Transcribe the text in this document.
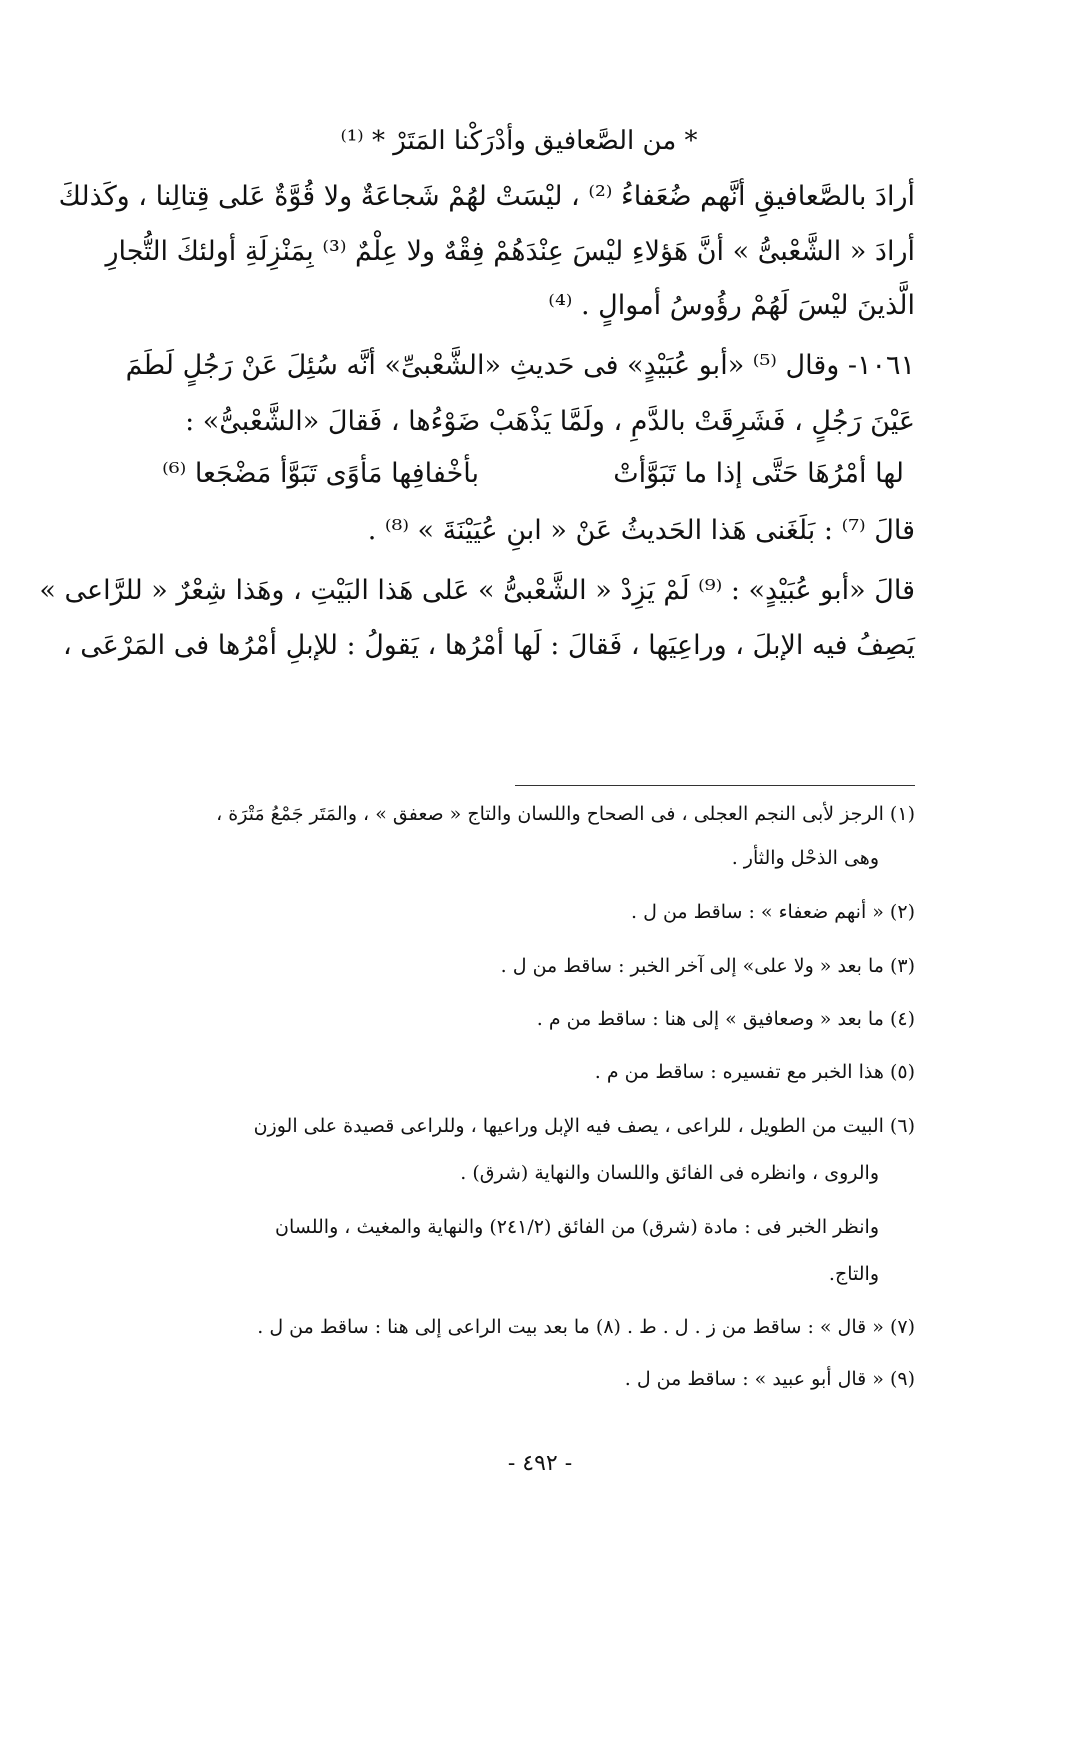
* من الصَّعافيق وأدْرَكْنا المَتَرْ * ⁽¹⁾
أرادَ بالصَّعافيقِ أنَّهم ضُعَفاءُ ⁽²⁾ ، ليْسَتْ لهُمْ شَجاعَةٌ ولا قُوَّةٌ عَلى قِتالِنا ، وكَذلكَ
أرادَ « الشَّعْبىُّ » أنَّ هَؤلاءِ ليْسَ عِنْدَهُمْ فِقْهٌ ولا عِلْمٌ ⁽³⁾ بِمَنْزِلَةِ أولئكَ التُّجارِ
الَّذينَ ليْسَ لَهُمْ رؤُوسُ أموالٍ . ⁽⁴⁾
١٠٦١- وقال ⁽⁵⁾ «أبو عُبَيْدٍ» فى حَديثِ «الشَّعْبىِّ» أنَّه سُئِلَ عَنْ رَجُلٍ لَطَمَ
عَيْنَ رَجُلٍ ، فَشَرِقَتْ بالدَّمِ ، ولَمَّا يَذْهَبْ ضَوْءُها ، فَقالَ «الشَّعْبىُّ» :
لها أمْرُهَا حَتَّى إذا ما تَبَوَّأتْ
بأخْفافِها مَأوًى تَبَوَّأ مَضْجَعا ⁽⁶⁾
قالَ ⁽⁷⁾ : بَلَغَنى هَذا الحَديثُ عَنْ « ابنِ عُيَيْنَةَ » ⁽⁸⁾ .
قالَ «أبو عُبَيْدٍ» : ⁽⁹⁾ لَمْ يَزِدْ « الشَّعْبىُّ » عَلى هَذا البَيْتِ ، وهَذا شِعْرٌ « للرَّاعى »
يَصِفُ فيه الإبلَ ، وراعِيَها ، فَقالَ : لَها أمْرُها ، يَقولُ : للإبلِ أمْرُها فى المَرْعَى ،
(١) الرجز لأبى النجم العجلى ، فى الصحاح واللسان والتاج « صعفق » ، والمَتَر جَمْعُ مَتْرَة ،
وهى الذحْل والثأر .
(٢) « أنهم ضعفاء » : ساقط من ل .
(٣) ما بعد « ولا على» إلى آخر الخبر : ساقط من ل .
(٤) ما بعد « وصعافيق » إلى هنا : ساقط من م .
(٥) هذا الخبر مع تفسيره : ساقط من م .
(٦) البيت من الطويل ، للراعى ، يصف فيه الإبل وراعيها ، وللراعى قصيدة على الوزن
والروى ، وانظره فى الفائق واللسان والنهاية (شرق) .
وانظر الخبر فى : مادة (شرق) من الفائق (٢٤١/٢) والنهاية والمغيث ، واللسان
والتاج.
(٧) « قال » : ساقط من ز . ل . ط . (٨) ما بعد بيت الراعى إلى هنا : ساقط من ل .
(٩) « قال أبو عبيد » : ساقط من ل .
- ٤٩٢ -
